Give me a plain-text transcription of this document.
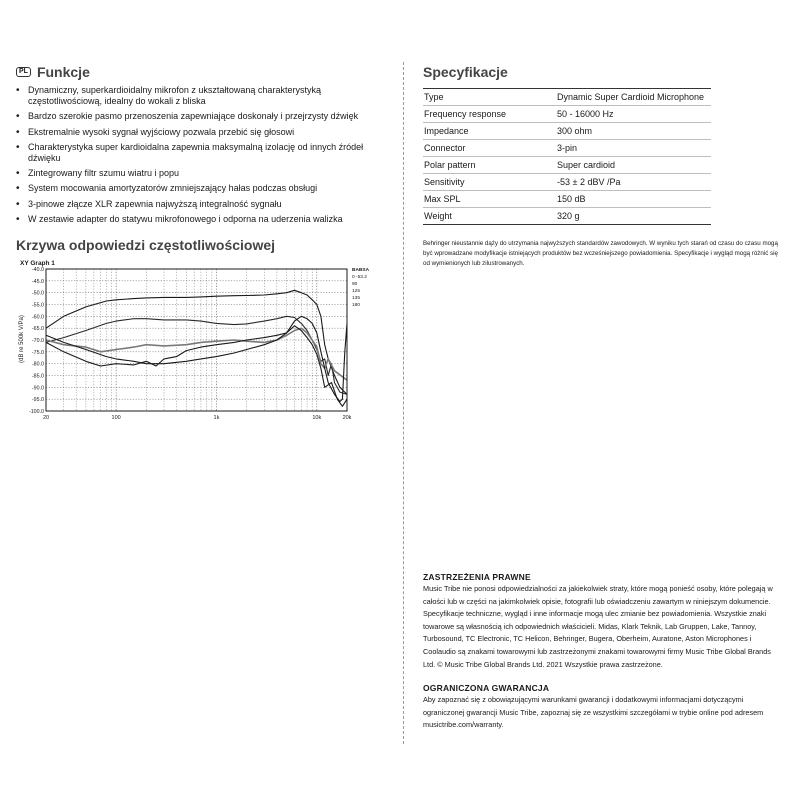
PL Funkcje
• Dynamiczny, superkardioidalny mikrofon z ukształtowaną charakterystyką częstotliwościową, idealny do wokali z bliska
• Bardzo szerokie pasmo przenoszenia zapewniające doskonały i przejrzysty dźwięk
• Ekstremalnie wysoki sygnał wyjściowy pozwala przebić się głosowi
• Charakterystyka super kardioidalna zapewnia maksymalną izolację od innych źródeł dźwięku
• Zintegrowany filtr szumu wiatru i popu
• System mocowania amortyzatorów zmniejszający hałas podczas obsługi
• 3-pinowe złącze XLR zapewnia najwyższą integralność sygnału
• W zestawie adapter do statywu mikrofonowego i odporna na uderzenia walizka
Krzywa odpowiedzi częstotliwościowej
XY Graph 1
(dB re 500k V/Pa)
BABSA
0 -53.2
90
125
135
180
-40.0
-45.0
-50.0
-55.0
-60.0
-65.0
-70.0
-75.0
-80.0
-85.0
-90.0
-95.0
-100.0
20	100	1k	10k	20k
Specyfikacje
Type	Dynamic Super Cardioid Microphone
Frequency response	50 - 16000 Hz
Impedance	300 ohm
Connector	3-pin
Polar pattern	Super cardioid
Sensitivity	-53 ± 2 dBV /Pa
Max SPL	150 dB
Weight	320 g
Behringer nieustannie dąży do utrzymania najwyższych standardów zawodowych. W wyniku tych starań od czasu do czasu mogą być wprowadzane modyfikacje istniejących produktów bez wcześniejszego powiadomienia. Specyfikacje i wygląd mogą różnić się od wymienionych lub zilustrowanych.
ZASTRZEŻENIA PRAWNE

Music Tribe nie ponosi odpowiedzialności za jakiekolwiek straty, które mogą ponieść osoby, które polegają w całości lub w części na jakimkolwiek opisie, fotografii lub oświadczeniu zawartym w niniejszym dokumencie. Specyfikacje techniczne, wygląd i inne informacje mogą ulec zmianie bez powiadomienia. Wszystkie znaki towarowe są własnością ich odpowiednich właścicieli. Midas, Klark Teknik, Lab Gruppen, Lake, Tannoy, Turbosound, TC Electronic, TC Helicon, Behringer, Bugera, Oberheim, Auratone, Aston Microphones i Coolaudio są znakami towarowymi lub zastrzeżonymi znakami towarowymi firmy Music Tribe Global Brands Ltd. © Music Tribe Global Brands Ltd. 2021 Wszystkie prawa zastrzeżone.

OGRANICZONA GWARANCJA

Aby zapoznać się z obowiązującymi warunkami gwarancji i dodatkowymi informacjami dotyczącymi ograniczonej gwarancji Music Tribe, zapoznaj się ze wszystkimi szczegółami w trybie online pod adresem musictribe.com/warranty.
